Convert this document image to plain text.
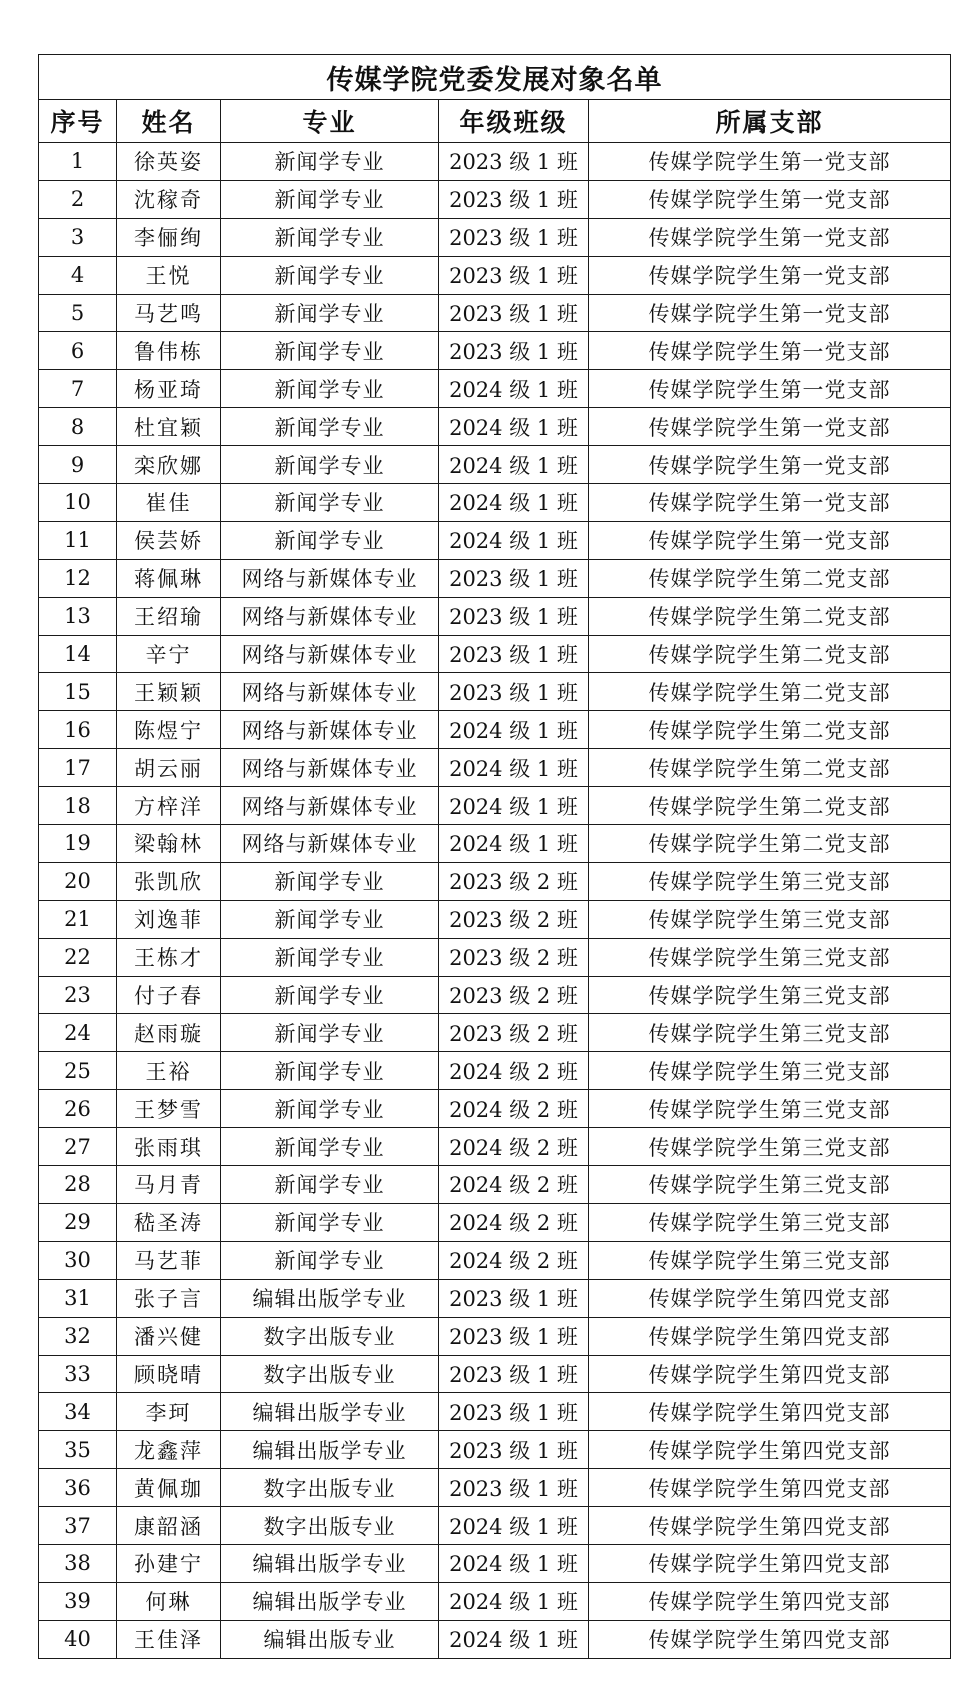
传媒学院党委发展对象名单				
序号	姓名	专业	年级班级	所属支部
1	徐英姿	新闻学专业	2023 级 1 班	传媒学院学生第一党支部
2	沈稼奇	新闻学专业	2023 级 1 班	传媒学院学生第一党支部
3	李俪绚	新闻学专业	2023 级 1 班	传媒学院学生第一党支部
4	王悦	新闻学专业	2023 级 1 班	传媒学院学生第一党支部
5	马艺鸣	新闻学专业	2023 级 1 班	传媒学院学生第一党支部
6	鲁伟栋	新闻学专业	2023 级 1 班	传媒学院学生第一党支部
7	杨亚琦	新闻学专业	2024 级 1 班	传媒学院学生第一党支部
8	杜宜颖	新闻学专业	2024 级 1 班	传媒学院学生第一党支部
9	栾欣娜	新闻学专业	2024 级 1 班	传媒学院学生第一党支部
10	崔佳	新闻学专业	2024 级 1 班	传媒学院学生第一党支部
11	侯芸娇	新闻学专业	2024 级 1 班	传媒学院学生第一党支部
12	蒋佩琳	网络与新媒体专业	2023 级 1 班	传媒学院学生第二党支部
13	王绍瑜	网络与新媒体专业	2023 级 1 班	传媒学院学生第二党支部
14	辛宁	网络与新媒体专业	2023 级 1 班	传媒学院学生第二党支部
15	王颖颖	网络与新媒体专业	2023 级 1 班	传媒学院学生第二党支部
16	陈煜宁	网络与新媒体专业	2024 级 1 班	传媒学院学生第二党支部
17	胡云丽	网络与新媒体专业	2024 级 1 班	传媒学院学生第二党支部
18	方梓洋	网络与新媒体专业	2024 级 1 班	传媒学院学生第二党支部
19	梁翰林	网络与新媒体专业	2024 级 1 班	传媒学院学生第二党支部
20	张凯欣	新闻学专业	2023 级 2 班	传媒学院学生第三党支部
21	刘逸菲	新闻学专业	2023 级 2 班	传媒学院学生第三党支部
22	王栋才	新闻学专业	2023 级 2 班	传媒学院学生第三党支部
23	付子春	新闻学专业	2023 级 2 班	传媒学院学生第三党支部
24	赵雨璇	新闻学专业	2023 级 2 班	传媒学院学生第三党支部
25	王裕	新闻学专业	2024 级 2 班	传媒学院学生第三党支部
26	王梦雪	新闻学专业	2024 级 2 班	传媒学院学生第三党支部
27	张雨琪	新闻学专业	2024 级 2 班	传媒学院学生第三党支部
28	马月青	新闻学专业	2024 级 2 班	传媒学院学生第三党支部
29	嵇圣涛	新闻学专业	2024 级 2 班	传媒学院学生第三党支部
30	马艺菲	新闻学专业	2024 级 2 班	传媒学院学生第三党支部
31	张子言	编辑出版学专业	2023 级 1 班	传媒学院学生第四党支部
32	潘兴健	数字出版专业	2023 级 1 班	传媒学院学生第四党支部
33	顾晓晴	数字出版专业	2023 级 1 班	传媒学院学生第四党支部
34	李珂	编辑出版学专业	2023 级 1 班	传媒学院学生第四党支部
35	龙鑫萍	编辑出版学专业	2023 级 1 班	传媒学院学生第四党支部
36	黄佩珈	数字出版专业	2023 级 1 班	传媒学院学生第四党支部
37	康韶涵	数字出版专业	2024 级 1 班	传媒学院学生第四党支部
38	孙建宁	编辑出版学专业	2024 级 1 班	传媒学院学生第四党支部
39	何琳	编辑出版学专业	2024 级 1 班	传媒学院学生第四党支部
40	王佳泽	编辑出版专业	2024 级 1 班	传媒学院学生第四党支部
